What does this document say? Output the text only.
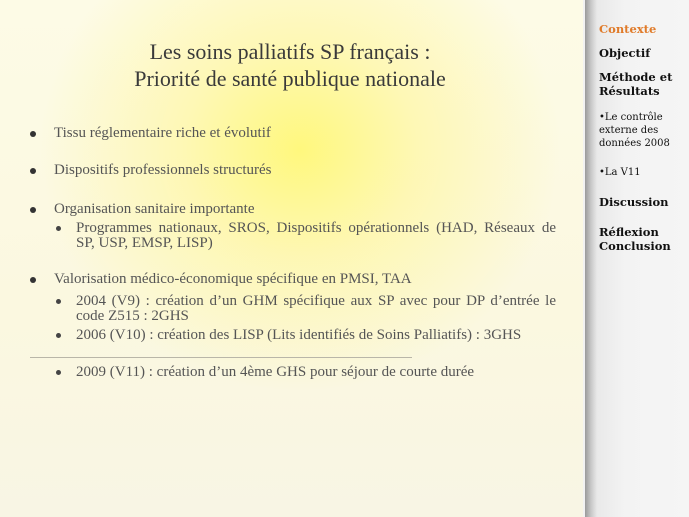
Les soins palliatifs SP français :
Priorité de santé publique nationale
Tissu réglementaire riche et évolutif
Dispositifs professionnels structurés
Organisation sanitaire importante
Programmes nationaux, SROS, Dispositifs opérationnels (HAD, Réseaux de SP, USP, EMSP, LISP)
Valorisation médico-économique spécifique en PMSI, TAA
2004 (V9) : création d’un GHM spécifique aux SP avec pour DP d’entrée le code Z515 : 2GHS
2006 (V10) : création des LISP (Lits identifiés de Soins Palliatifs) : 3GHS
2009 (V11) : création d’un 4ème GHS pour séjour de courte durée
Contexte
Objectif
Méthode et Résultats
•Le contrôle externe des données 2008
•La V11
Discussion
Réflexion Conclusion
